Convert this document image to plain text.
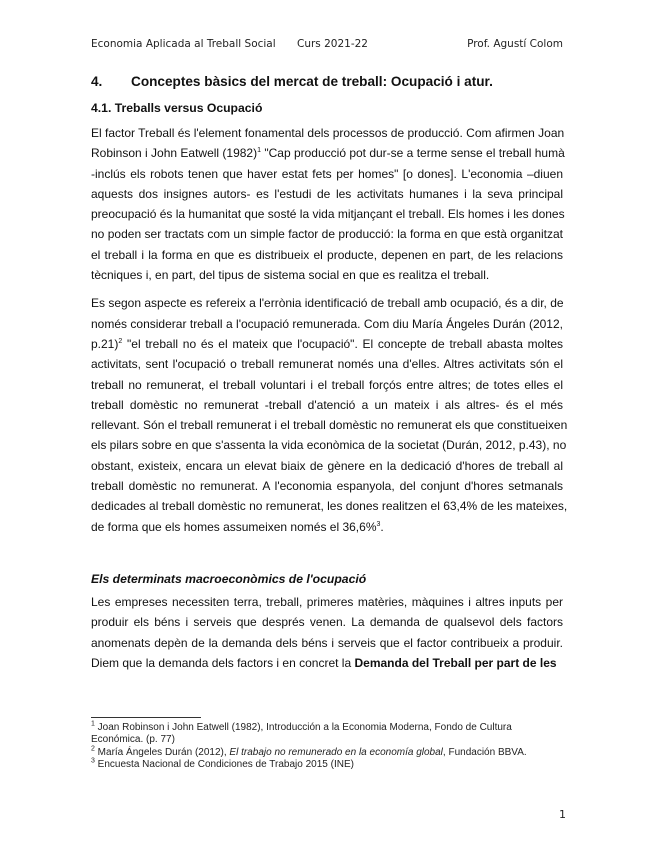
Economia Aplicada al Treball Social Curs 2021-22	Prof. Agustí Colom
4.	Conceptes bàsics del mercat de treball: Ocupació i atur.
4.1. Treballs versus Ocupació

El factor Treball és l'element fonamental dels processos de producció. Com afirmen Joan
Robinson i John Eatwell $(1982)^1$ "Cap producció pot dur-se a terme sense el treball humà
-inclús els robots tenen que haver estat fets per homes" [o dones]. L'economia –diuen
aquests dos insignes autors- es l'estudi de les activitats humanes i la seva principal
preocupació és la humanitat que sosté la vida mitjançant el treball. Els homes i les dones
no poden ser tractats com un simple factor de producció: la forma en que està organitzat
el treball i la forma en que es distribueix el producte, depenen en part, de les relacions
tècniques i, en part, del tipus de sistema social en que es realitza el treball.

Es segon aspecte es refereix a l'errònia identificació de treball amb ocupació, és a dir, de
només considerar treball a l'ocupació remunerada. Com diu María Ángeles Durán (2012,
p.21)$^2$ "el treball no és el mateix que l'ocupació". El concepte de treball abasta moltes
activitats, sent l'ocupació o treball remunerat només una d'elles. Altres activitats són el
treball no remunerat, el treball voluntari i el treball forçós entre altres; de totes elles el
treball domèstic no remunerat -treball d'atenció a un mateix i als altres- és el més
rellevant. Són el treball remunerat i el treball domèstic no remunerat els que constitueixen
els pilars sobre en que s'assenta la vida econòmica de la societat (Durán, 2012, p.43), no
obstant, existeix, encara un elevat biaix de gènere en la dedicació d'hores de treball al
treball domèstic no remunerat. A l'economia espanyola, del conjunt d'hores setmanals
dedicades al treball domèstic no remunerat, les dones realitzen el 63,4% de les mateixes,
de forma que els homes assumeixen només el 36,6%$^3$.

Els determinats macroeconòmics de l'ocupació

Les empreses necessiten terra, treball, primeres matèries, màquines i altres inputs per
produir els béns i serveis que després venen. La demanda de qualsevol dels factors
anomenats depèn de la demanda dels béns i serveis que el factor contribueix a produir.
Diem que la demanda dels factors i en concret la Demanda del Treball per part de les

$^1$ Joan Robinson i John Eatwell (1982), Introducción a la Economia Moderna, Fondo de Cultura

Económica. (p. 77)

$^2$ María Ángeles Durán (2012), El trabajo no remunerado en la economía global, Fundación BBVA.

$^3$ Encuesta Nacional de Condiciones de Trabajo 2015 (INE)

1
